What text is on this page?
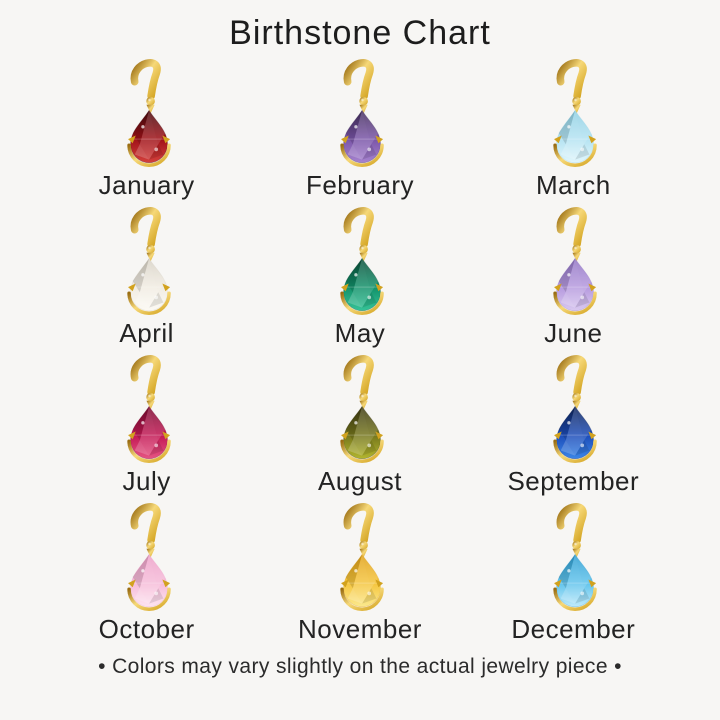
Birthstone Chart
January	February	March
April	May	June
July	August	September
October	November	December

• Colors may vary slightly on the actual jewelry piece •
